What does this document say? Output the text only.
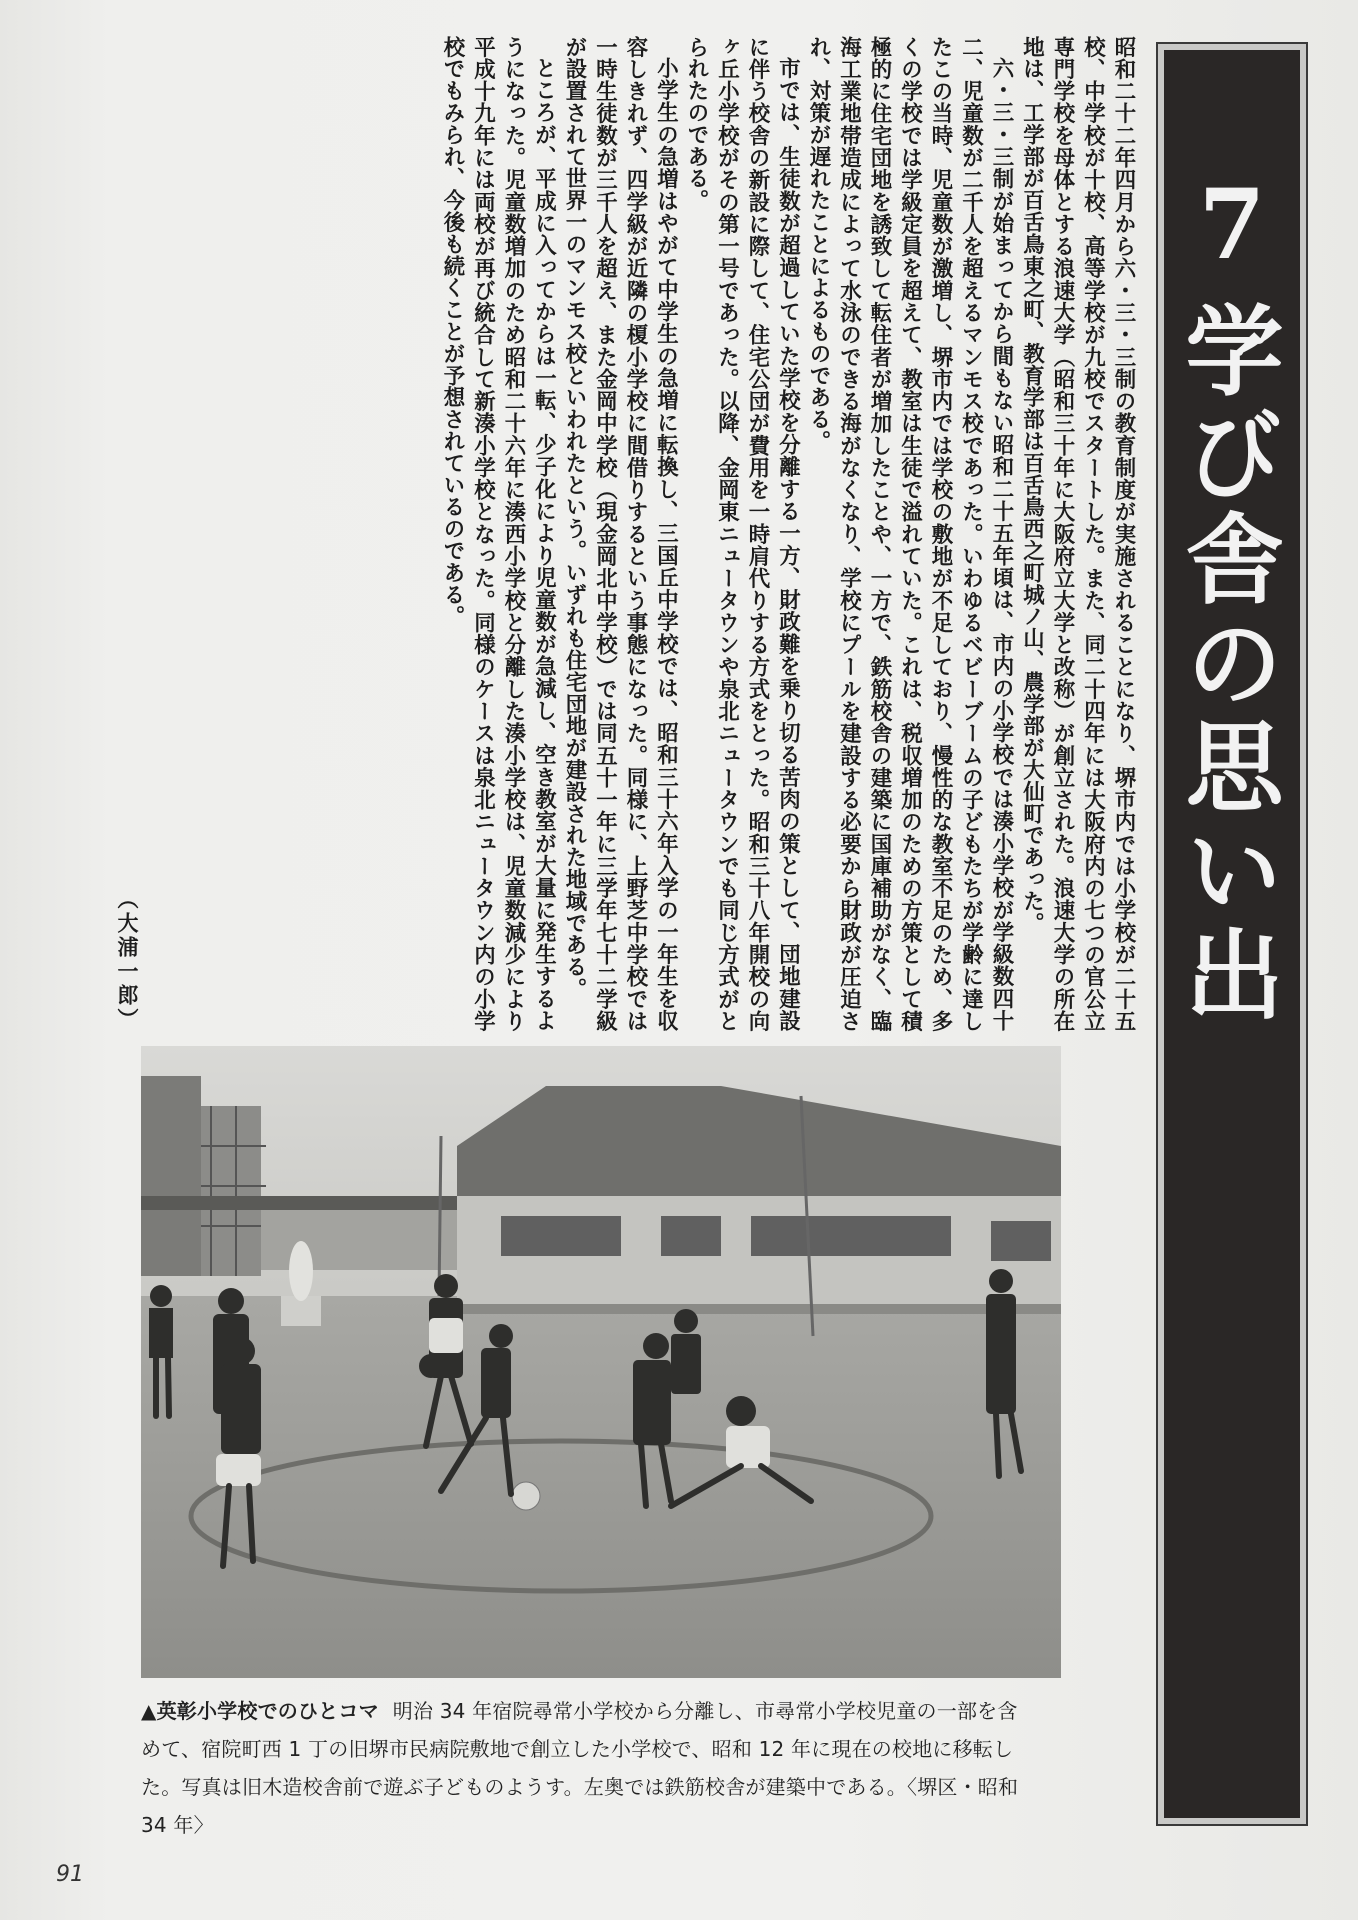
7
学び舎の思い出

昭和二十二年四月から六・三・三制の教育制度が実施されることになり、堺市内では小学校が二十五校、中学校が十校、高等学校が九校でスタートした。また、同二十四年には大阪府内の七つの官公立専門学校を母体とする浪速大学（昭和三十年に大阪府立大学と改称）が創立された。浪速大学の所在地は、工学部が百舌鳥東之町、教育学部は百舌鳥西之町城ノ山、農学部が大仙町であった。

六・三・三制が始まってから間もない昭和二十五年頃は、市内の小学校では湊小学校が学級数四十二、児童数が二千人を超えるマンモス校であった。いわゆるベビーブームの子どもたちが学齢に達したこの当時、児童数が激増し、堺市内では学校の敷地が不足しており、慢性的な教室不足のため、多くの学校では学級定員を超えて、教室は生徒で溢れていた。これは、税収増加のための方策として積極的に住宅団地を誘致して転住者が増加したことや、一方で、鉄筋校舎の建築に国庫補助がなく、臨海工業地帯造成によって水泳のできる海がなくなり、学校にプールを建設する必要から財政が圧迫され、対策が遅れたことによるものである。

市では、生徒数が超過していた学校を分離する一方、財政難を乗り切る苦肉の策として、団地建設に伴う校舎の新設に際して、住宅公団が費用を一時肩代りする方式をとった。昭和三十八年開校の向ヶ丘小学校がその第一号であった。以降、金岡東ニュータウンや泉北ニュータウンでも同じ方式がとられたのである。

小学生の急増はやがて中学生の急増に転換し、三国丘中学校では、昭和三十六年入学の一年生を収容しきれず、四学級が近隣の榎小学校に間借りするという事態になった。同様に、上野芝中学校では一時生徒数が三千人を超え、また金岡中学校（現金岡北中学校）では同五十一年に三学年七十二学級が設置されて世界一のマンモス校といわれたという。いずれも住宅団地が建設された地域である。

ところが、平成に入ってからは一転、少子化により児童数が急減し、空き教室が大量に発生するようになった。児童数増加のため昭和二十六年に湊西小学校と分離した湊小学校は、児童数減少により平成十九年には両校が再び統合して新湊小学校となった。同様のケースは泉北ニュータウン内の小学校でもみられ、今後も続くことが予想されているのである。

（大浦一郎）
▲英彰小学校でのひとコマ 明治 34 年宿院尋常小学校から分離し、市尋常小学校児童の一部を含めて、宿院町西 1 丁の旧堺市民病院敷地で創立した小学校で、昭和 12 年に現在の校地に移転した。写真は旧木造校舎前で遊ぶ子どものようす。左奥では鉄筋校舎が建築中である。〈堺区・昭和 34 年〉
91
